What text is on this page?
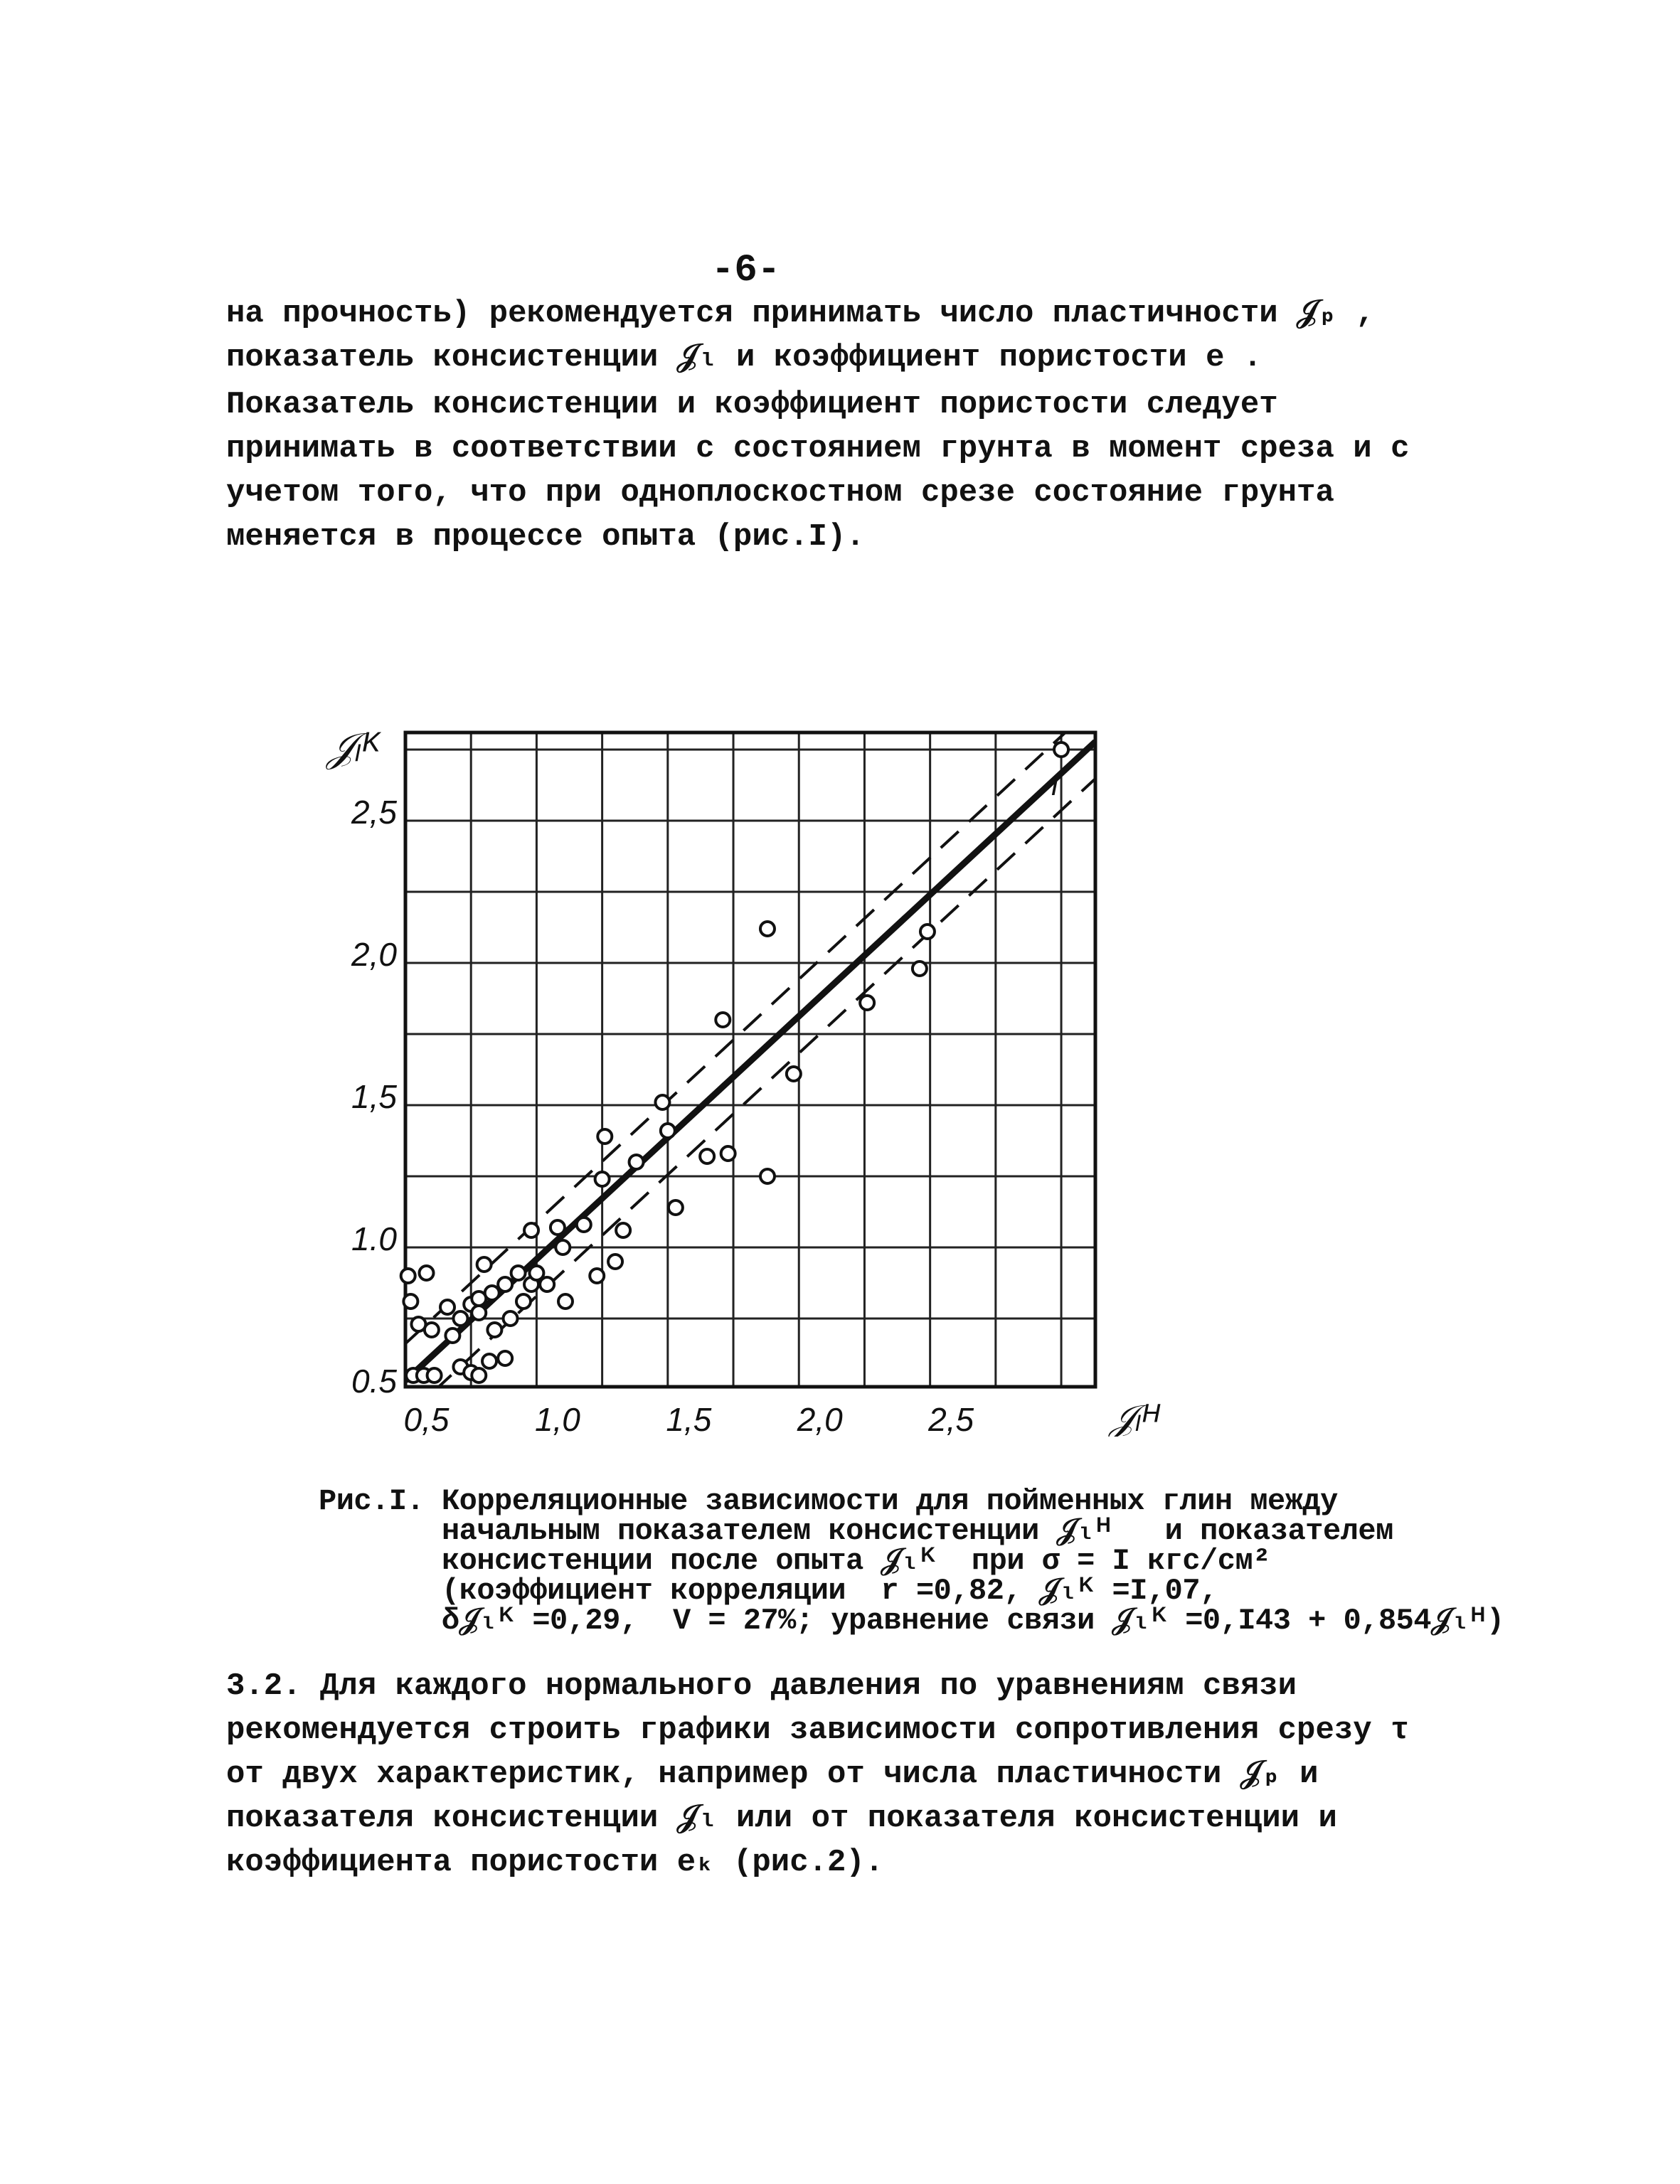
-6-

на прочность) рекомендуется принимать число пластичности 𝒥ₚ , показатель консистенции 𝒥ₗ и коэффициент пористости e .

Показатель консистенции и коэффициент пористости следует принимать в соответствии с состоянием грунта в момент среза и с учетом того, что при одноплоскостном срезе состояние грунта меняется в процессе опыта (рис.I).

0,5	1,0	1,5	2,0	2,5
0.5
1.0
1,5
2,0
2,5
𝒥ₗᴷ
𝒥ₗᴴ
I

Рис.I. Корреляционные зависимости для пойменных глин между
начальным показателем консистенции 𝒥ₗᴴ   и показателем
консистенции после опыта 𝒥ₗᴷ  при σ = I кгс/см²
(коэффициент корреляции  r =0,82, 𝒥ₗᴷ =I,07,
δ𝒥ₗᴷ =0,29,  V = 27%; уравнение связи 𝒥ₗᴷ =0,I43 + 0,854𝒥ₗᴴ)

3.2. Для каждого нормального давления по уравнениям связи рекомендуется строить графики зависимости сопротивления срезу τ от двух характеристик, например от числа пластичности 𝒥ₚ и показателя консистенции 𝒥ₗ или от показателя консистенции и коэффициента пористости eₖ (рис.2).
